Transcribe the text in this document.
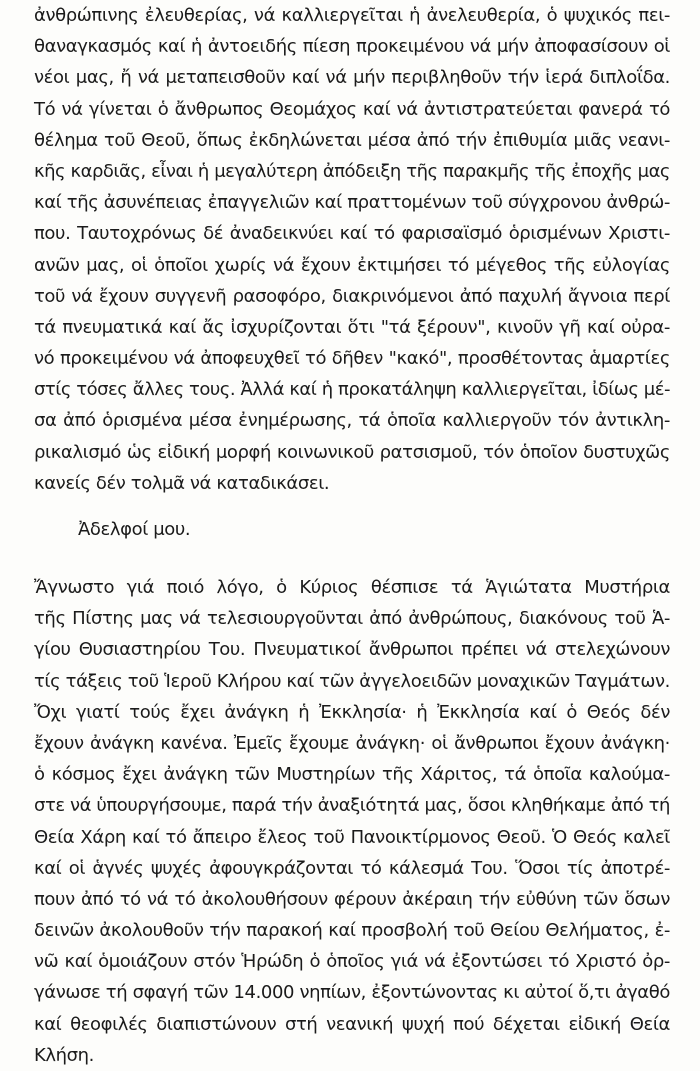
ἀνθρώπινης ἐλευθερίας, νά καλλιεργεῖται ἡ ἀνελευθερία, ὁ ψυχικός πει-
θαναγκασμός καί ἡ ἀντοειδής πίεση προκειμένου νά μήν ἀποφασίσουν οἱ
νέοι μας, ἤ νά μεταπεισθοῦν καί νά μήν περιβληθοῦν τήν ἱερά διπλοΐδα.
Τό νά γίνεται ὁ ἄνθρωπος Θεομάχος καί νά ἀντιστρατεύεται φανερά τό
θέλημα τοῦ Θεοῦ, ὅπως ἐκδηλώνεται μέσα ἀπό τήν ἐπιθυμία μιᾶς νεανι-
κῆς καρδιᾶς, εἶναι ἡ μεγαλύτερη ἀπόδειξη τῆς παρακμῆς τῆς ἐποχῆς μας
καί τῆς ἀσυνέπειας ἐπαγγελιῶν καί πραττομένων τοῦ σύγχρονου ἀνθρώ-
που. Ταυτοχρόνως δέ ἀναδεικνύει καί τό φαρισαϊσμό ὁρισμένων Χριστι-
ανῶν μας, οἱ ὁποῖοι χωρίς νά ἔχουν ἐκτιμήσει τό μέγεθος τῆς εὐλογίας
τοῦ νά ἔχουν συγγενῆ ρασοφόρο, διακρινόμενοι ἀπό παχυλή ἄγνοια περί
τά πνευματικά καί ἄς ἰσχυρίζονται ὅτι "τά ξέρουν", κινοῦν γῆ καί οὐρα-
νό προκειμένου νά ἀποφευχθεῖ τό δῆθεν "κακό", προσθέτοντας ἁμαρτίες
στίς τόσες ἄλλες τους. Ἀλλά καί ἡ προκατάληψη καλλιεργεῖται, ἰδίως μέ-
σα ἀπό ὁρισμένα μέσα ἐνημέρωσης, τά ὁποῖα καλλιεργοῦν τόν ἀντικλη-
ρικαλισμό ὡς εἰδική μορφή κοινωνικοῦ ρατσισμοῦ, τόν ὁποῖον δυστυχῶς
κανείς δέν τολμᾶ νά καταδικάσει.
Ἀδελφοί μου.
Ἄγνωστο γιά ποιό λόγο, ὁ Κύριος θέσπισε τά Ἁγιώτατα Μυστήρια
τῆς Πίστης μας νά τελεσιουργοῦνται ἀπό ἀνθρώπους, διακόνους τοῦ Ἁ-
γίου Θυσιαστηρίου Του. Πνευματικοί ἄνθρωποι πρέπει νά στελεχώνουν
τίς τάξεις τοῦ Ἱεροῦ Κλήρου καί τῶν ἀγγελοειδῶν μοναχικῶν Ταγμάτων.
Ὄχι γιατί τούς ἔχει ἀνάγκη ἡ Ἐκκλησία· ἡ Ἐκκλησία καί ὁ Θεός δέν
ἔχουν ἀνάγκη κανένα. Ἐμεῖς ἔχουμε ἀνάγκη· οἱ ἄνθρωποι ἔχουν ἀνάγκη·
ὁ κόσμος ἔχει ἀνάγκη τῶν Μυστηρίων τῆς Χάριτος, τά ὁποῖα καλούμα-
στε νά ὑπουργήσουμε, παρά τήν ἀναξιότητά μας, ὅσοι κληθήκαμε ἀπό τή
Θεία Χάρη καί τό ἄπειρο ἔλεος τοῦ Πανοικτίρμονος Θεοῦ. Ὁ Θεός καλεῖ
καί οἱ ἁγνές ψυχές ἀφουγκράζονται τό κάλεσμά Του. Ὅσοι τίς ἀποτρέ-
πουν ἀπό τό νά τό ἀκολουθήσουν φέρουν ἀκέραιη τήν εὐθύνη τῶν ὅσων
δεινῶν ἀκολουθοῦν τήν παρακοή καί προσβολή τοῦ Θείου Θελήματος, ἐ-
νῶ καί ὁμοιάζουν στόν Ἡρώδη ὁ ὁποῖος γιά νά ἐξοντώσει τό Χριστό ὀρ-
γάνωσε τή σφαγή τῶν 14.000 νηπίων, ἐξοντώνοντας κι αὐτοί ὅ,τι ἀγαθό
καί θεοφιλές διαπιστώνουν στή νεανική ψυχή πού δέχεται εἰδική Θεία
Κλήση.
